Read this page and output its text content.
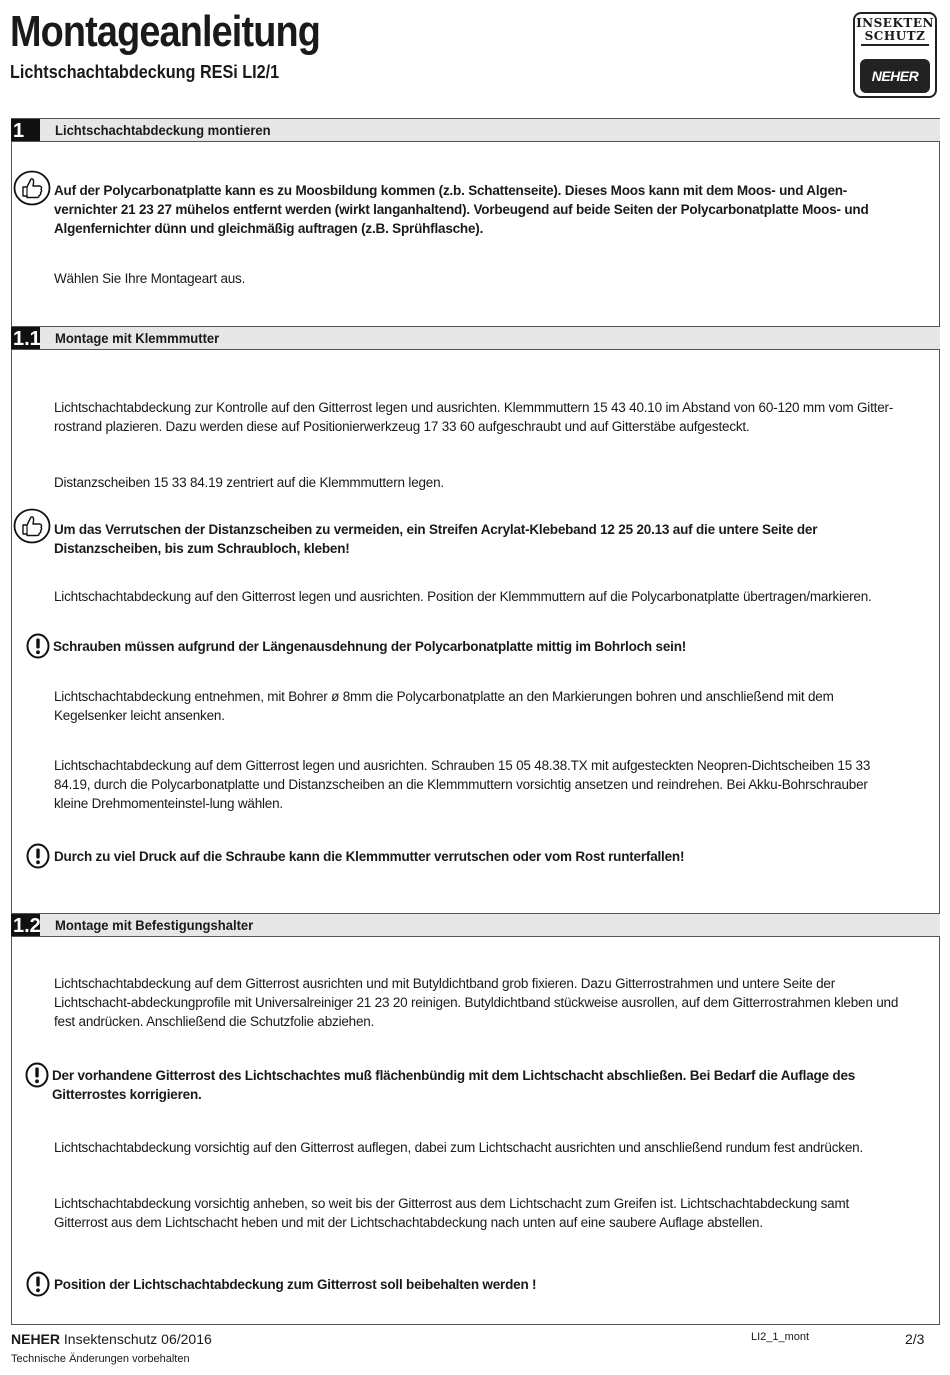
Montageanleitung
Lichtschachtabdeckung RESi LI2/1
INSEKTEN
SCHUTZ
NEHER
1	Lichtschachtabdeckung montieren

Auf der Polycarbonatplatte kann es zu Moosbildung kommen (z.b. Schattenseite). Dieses Moos kann mit dem Moos- und Algen-vernichter 21 23 27 mühelos entfernt werden (wirkt langanhaltend). Vorbeugend auf beide Seiten der Polycarbonatplatte Moos- und Algenfernichter dünn und gleichmäßig auftragen (z.B. Sprühflasche).

Wählen Sie Ihre Montageart aus.

1.1 Montage mit Klemmmutter

Lichtschachtabdeckung zur Kontrolle auf den Gitterrost legen und ausrichten. Klemmmuttern 15 43 40.10 im Abstand von 60-120 mm vom Gitter-rostrand plazieren. Dazu werden diese auf Positionierwerkzeug 17 33 60 aufgeschraubt und auf Gitterstäbe aufgesteckt.

Distanzscheiben 15 33 84.19 zentriert auf die Klemmmuttern legen.

Um das Verrutschen der Distanzscheiben zu vermeiden, ein Streifen Acrylat-Klebeband 12 25 20.13 auf die untere Seite der Distanzscheiben, bis zum Schraubloch, kleben!

Lichtschachtabdeckung auf den Gitterrost legen und ausrichten. Position der Klemmmuttern auf die Polycarbonatplatte übertragen/markieren.

Schrauben müssen aufgrund der Längenausdehnung der Polycarbonatplatte mittig im Bohrloch sein!

Lichtschachtabdeckung entnehmen, mit Bohrer ø 8mm die Polycarbonatplatte an den Markierungen bohren und anschließend mit dem Kegelsenker leicht ansenken.

Lichtschachtabdeckung auf dem Gitterrost legen und ausrichten. Schrauben 15 05 48.38.TX mit aufgesteckten Neopren-Dichtscheiben 15 33 84.19, durch die Polycarbonatplatte und Distanzscheiben an die Klemmmuttern vorsichtig ansetzen und reindrehen. Bei Akku-Bohrschrauber kleine Drehmomenteinstel-lung wählen.

Durch zu viel Druck auf die Schraube kann die Klemmmutter verrutschen oder vom Rost runterfallen!

1.2 Montage mit Befestigungshalter

Lichtschachtabdeckung auf dem Gitterrost ausrichten und mit Butyldichtband grob fixieren. Dazu Gitterrostrahmen und untere Seite der Lichtschacht-abdeckungprofile mit Universalreiniger 21 23 20 reinigen. Butyldichtband stückweise ausrollen, auf dem Gitterrostrahmen kleben und fest andrücken. Anschließend die Schutzfolie abziehen.

Der vorhandene Gitterrost des Lichtschachtes muß flächenbündig mit dem Lichtschacht abschließen. Bei Bedarf die Auflage des Gitterrostes korrigieren.

Lichtschachtabdeckung vorsichtig auf den Gitterrost auflegen, dabei zum Lichtschacht ausrichten und anschließend rundum fest andrücken.

Lichtschachtabdeckung vorsichtig anheben, so weit bis der Gitterrost aus dem Lichtschacht zum Greifen ist. Lichtschachtabdeckung samt Gitterrost aus dem Lichtschacht heben und mit der Lichtschachtabdeckung nach unten auf eine saubere Auflage abstellen.

Position der Lichtschachtabdeckung zum Gitterrost soll beibehalten werden !

NEHER Insektenschutz 06/2016
Technische Änderungen vorbehalten
LI2_1_mont	2/3
